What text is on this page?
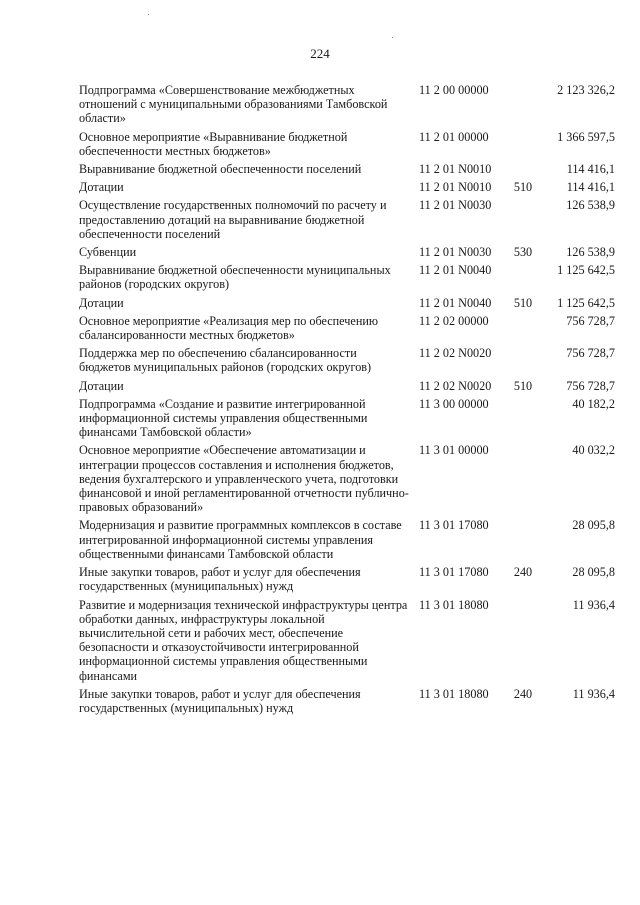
224
Подпрограмма «Совершенствование межбюджетных отношений с муниципальными образованиями Тамбовской области»	11 2 00 00000		2 123 326,2
Основное мероприятие «Выравнивание бюджетной обеспеченности местных бюджетов»	11 2 01 00000		1 366 597,5
Выравнивание бюджетной обеспеченности поселений	11 2 01 N0010		114 416,1
Дотации	11 2 01 N0010	510	114 416,1
Осуществление государственных полномочий по расчету и предоставлению дотаций на выравнивание бюджетной обеспеченности поселений	11 2 01 N0030		126 538,9
Субвенции	11 2 01 N0030	530	126 538,9
Выравнивание бюджетной обеспеченности муниципальных районов (городских округов)	11 2 01 N0040		1 125 642,5
Дотации	11 2 01 N0040	510	1 125 642,5
Основное мероприятие «Реализация мер по обеспечению сбалансированности местных бюджетов»	11 2 02 00000		756 728,7
Поддержка мер по обеспечению сбалансированности бюджетов муниципальных районов (городских округов)	11 2 02 N0020		756 728,7
Дотации	11 2 02 N0020	510	756 728,7
Подпрограмма «Создание и развитие интегрированной информационной системы управления общественными финансами Тамбовской области»	11 3 00 00000		40 182,2
Основное мероприятие «Обеспечение автоматизации и интеграции процессов составления и исполнения бюджетов, ведения бухгалтерского и управленческого учета, подготовки финансовой и иной регламентированной отчетности публично-правовых образований»	11 3 01 00000		40 032,2
Модернизация и развитие программных комплексов в составе интегрированной информационной системы управления общественными финансами Тамбовской области	11 3 01 17080		28 095,8
Иные закупки товаров, работ и услуг для обеспечения государственных (муниципальных) нужд	11 3 01 17080	240	28 095,8
Развитие и модернизация технической инфраструктуры центра обработки данных, инфраструктуры локальной вычислительной сети и рабочих мест, обеспечение безопасности и отказоустойчивости интегрированной информационной системы управления общественными финансами	11 3 01 18080		11 936,4
Иные закупки товаров, работ и услуг для обеспечения государственных (муниципальных) нужд	11 3 01 18080	240	11 936,4
